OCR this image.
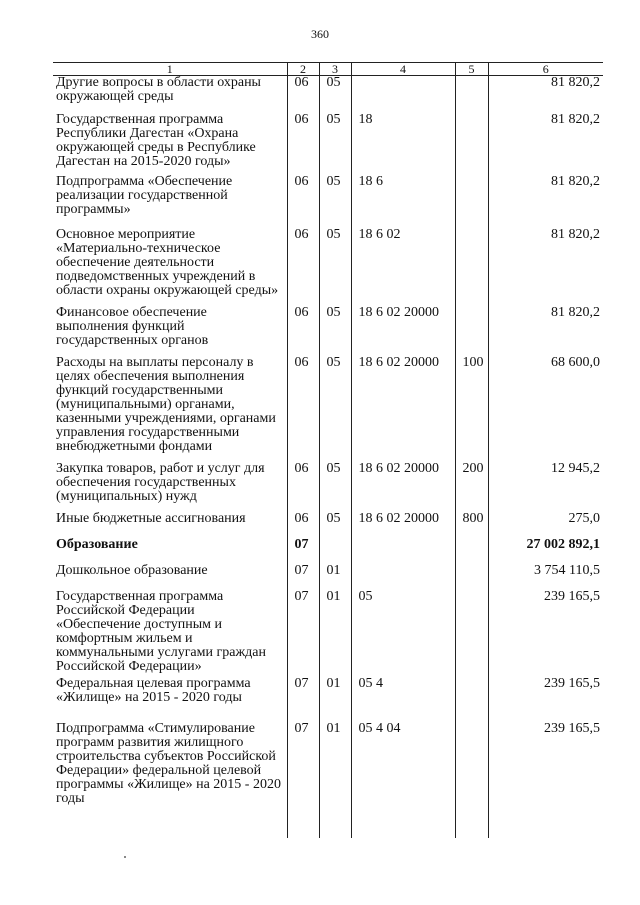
360
1	2	3	4	5	6
Другие вопросы в области охраны окружающей среды	06	05			81 820,2
Государственная программа Республики Дагестан «Охрана окружающей среды в Республике Дагестан на 2015-2020 годы»	06	05	18		81 820,2
Подпрограмма «Обеспечение реализации государственной программы»	06	05	18 6		81 820,2
Основное мероприятие «Материально-техническое обеспечение деятельности подведомственных учреждений в области охраны окружающей среды»	06	05	18 6 02		81 820,2
Финансовое обеспечение выполнения функций государственных органов	06	05	18 6 02 20000		81 820,2
Расходы на выплаты персоналу в целях обеспечения выполнения функций государственными (муниципальными) органами, казенными учреждениями, органами управления государственными внебюджетными фондами	06	05	18 6 02 20000	100	68 600,0
Закупка товаров, работ и услуг для обеспечения государственных (муниципальных) нужд	06	05	18 6 02 20000	200	12 945,2
Иные бюджетные ассигнования	06	05	18 6 02 20000	800	275,0
Образование	07				27 002 892,1
Дошкольное образование	07	01			3 754 110,5
Государственная программа Российской Федерации «Обеспечение доступным и комфортным жильем и коммунальными услугами граждан Российской Федерации»	07	01	05		239 165,5
Федеральная целевая программа «Жилище» на 2015 - 2020 годы	07	01	05 4		239 165,5
Подпрограмма «Стимулирование программ развития жилищного строительства субъектов Российской Федерации» федеральной целевой программы «Жилище» на 2015 - 2020 годы	07	01	05 4 04		239 165,5
